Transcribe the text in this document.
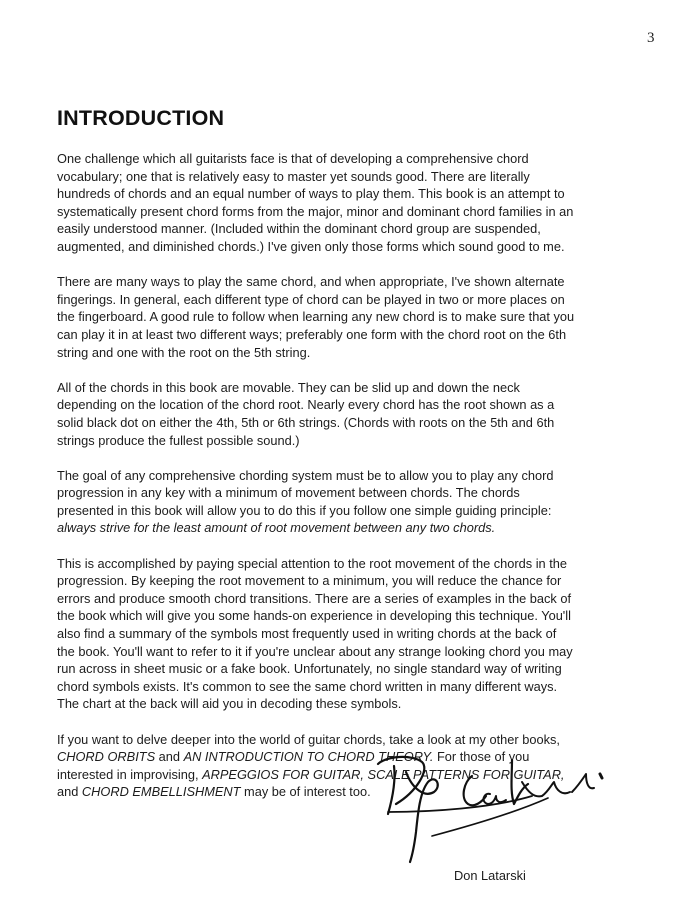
3
INTRODUCTION

One challenge which all guitarists face is that of developing a comprehensive chord
vocabulary; one that is relatively easy to master yet sounds good. There are literally
hundreds of chords and an equal number of ways to play them. This book is an attempt to
systematically present chord forms from the major, minor and dominant chord families in an
easily understood manner. (Included within the dominant chord group are suspended,
augmented, and diminished chords.) I've given only those forms which sound good to me.

There are many ways to play the same chord, and when appropriate, I've shown alternate
fingerings. In general, each different type of chord can be played in two or more places on
the fingerboard. A good rule to follow when learning any new chord is to make sure that you
can play it in at least two different ways; preferably one form with the chord root on the 6th
string and one with the root on the 5th string.

All of the chords in this book are movable. They can be slid up and down the neck
depending on the location of the chord root. Nearly every chord has the root shown as a
solid black dot on either the 4th, 5th or 6th strings. (Chords with roots on the 5th and 6th
strings produce the fullest possible sound.)

The goal of any comprehensive chording system must be to allow you to play any chord
progression in any key with a minimum of movement between chords. The chords
presented in this book will allow you to do this if you follow one simple guiding principle:
always strive for the least amount of root movement between any two chords.

This is accomplished by paying special attention to the root movement of the chords in the
progression. By keeping the root movement to a minimum, you will reduce the chance for
errors and produce smooth chord transitions. There are a series of examples in the back of
the book which will give you some hands-on experience in developing this technique. You'll
also find a summary of the symbols most frequently used in writing chords at the back of
the book. You'll want to refer to it if you're unclear about any strange looking chord you may
run across in sheet music or a fake book. Unfortunately, no single standard way of writing
chord symbols exists. It's common to see the same chord written in many different ways.
The chart at the back will aid you in decoding these symbols.

If you want to delve deeper into the world of guitar chords, take a look at my other books,
CHORD ORBITS and AN INTRODUCTION TO CHORD THEORY. For those of you
interested in improvising, ARPEGGIOS FOR GUITAR, SCALE PATTERNS FOR GUITAR,
and CHORD EMBELLISHMENT may be of interest too.

Don Latarski
